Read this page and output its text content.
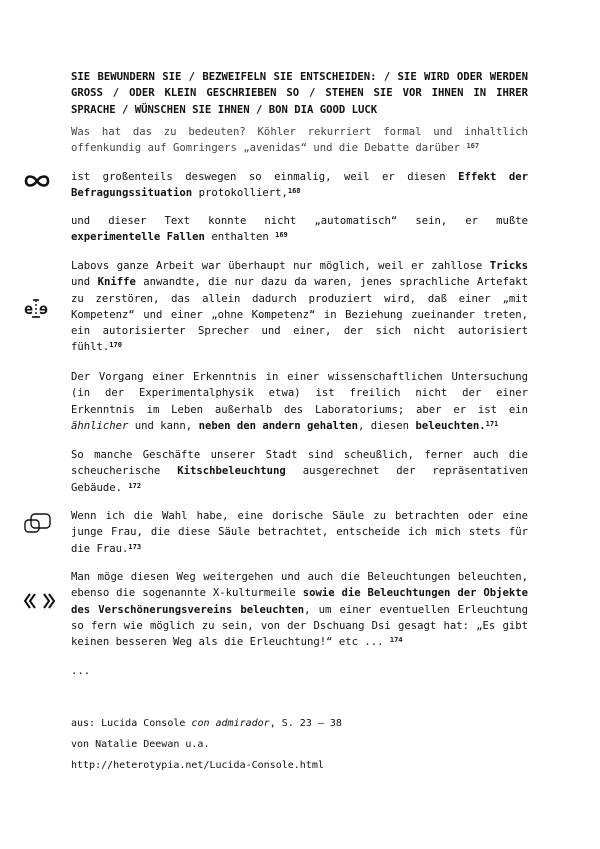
SIE BEWUNDERN SIE / BEZWEIFELN SIE ENTSCHEIDEN: / SIE WIRD ODER WERDEN GROSS / ODER KLEIN GESCHRIEBEN SO / STEHEN SIE VOR IHNEN IN IHRER SPRACHE / WÜNSCHEN SIE IHNEN / BON DIA GOOD LUCK

Was hat das zu bedeuten? Köhler rekurriert formal und inhaltlich offenkundig auf Gomringers „avenidas“ und die Debatte darüber $^{167}$

ist großenteils deswegen so einmalig, weil er diesen Effekt der Befragungssituation protokolliert,$^{168}$

und dieser Text konnte nicht „automatisch“ sein, er mußte experimentelle Fallen enthalten $^{169}$

e e

Labovs ganze Arbeit war überhaupt nur möglich, weil er zahllose Tricks und Kniffe anwandte, die nur dazu da waren, jenes sprachliche Artefakt zu zerstören, das allein dadurch produziert wird, daß einer „mit Kompetenz“ und einer „ohne Kompetenz“ in Beziehung zueinander treten, ein autorisierter Sprecher und einer, der sich nicht autorisiert fühlt.$^{170}$

Der Vorgang einer Erkenntnis in einer wissenschaftlichen Untersuchung (in der Experimentalphysik etwa) ist freilich nicht der einer Erkenntnis im Leben außerhalb des Laboratoriums; aber er ist ein ähnlicher und kann, neben den andern gehalten, diesen beleuchten.$^{171}$

So manche Geschäfte unserer Stadt sind scheußlich, ferner auch die scheucherische Kitschbeleuchtung ausgerechnet der repräsentativen Gebäude. $^{172}$

Wenn ich die Wahl habe, eine dorische Säule zu betrachten oder eine junge Frau, die diese Säule betrachtet, entscheide ich mich stets für die Frau.$^{173}$

Man möge diesen Weg weitergehen und auch die Beleuchtungen beleuchten, ebenso die sogenannte X-kulturmeile sowie die Beleuchtungen der Objekte des Verschönerungsvereins beleuchten, um einer eventuellen Erleuchtung so fern wie möglich zu sein, von der Dschuang Dsi gesagt hat: „Es gibt keinen besseren Weg als die Erleuchtung!“ etc ... $^{174}$

...

aus: Lucida Console con admirador, S. 23 – 38

von Natalie Deewan u.a.

http://heterotypia.net/Lucida-Console.html
